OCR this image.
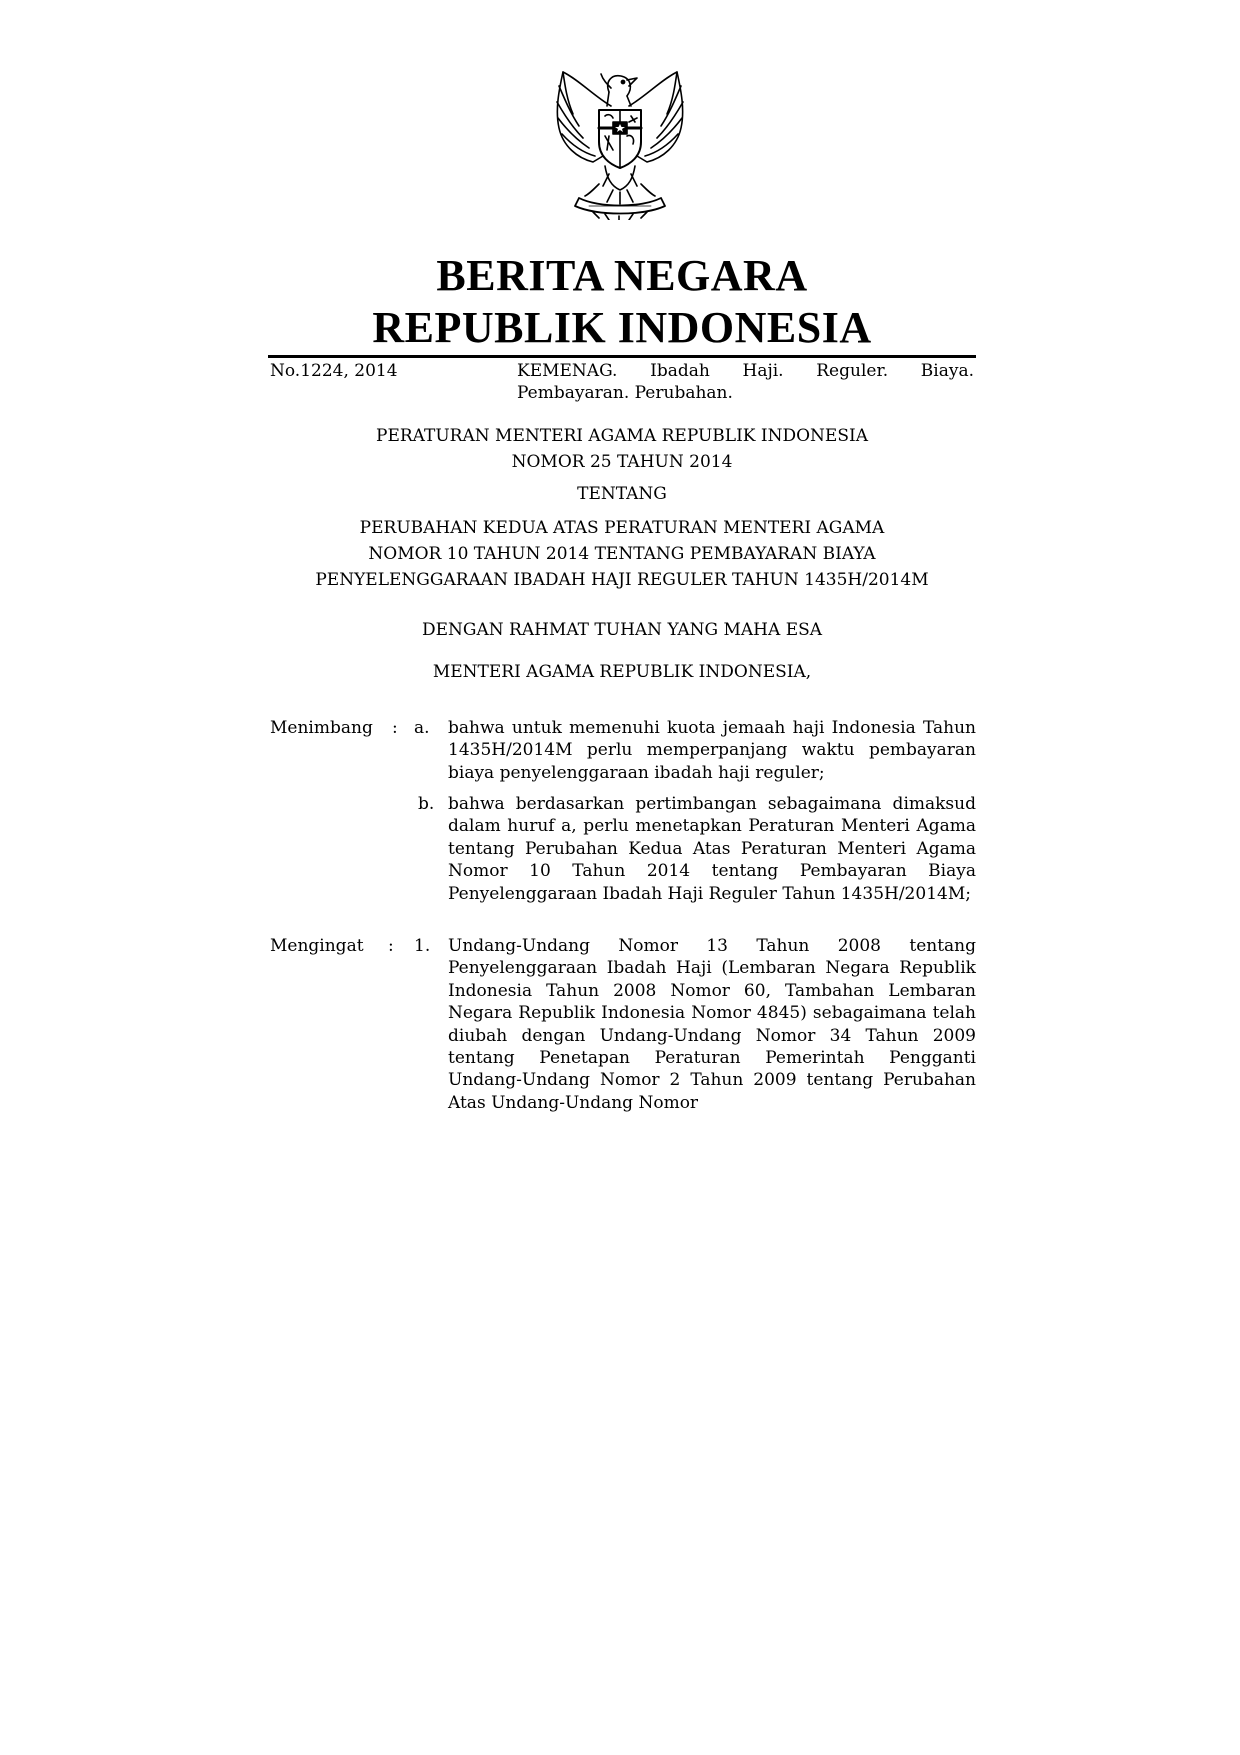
BERITA NEGARA
REPUBLIK INDONESIA
No.1224, 2014	KEMENAG. Ibadah Haji. Reguler. Biaya.
Pembayaran. Perubahan.
PERATURAN MENTERI AGAMA REPUBLIK INDONESIA
NOMOR 25 TAHUN 2014
TENTANG
PERUBAHAN KEDUA ATAS PERATURAN MENTERI AGAMA
NOMOR 10 TAHUN 2014 TENTANG PEMBAYARAN BIAYA
PENYELENGGARAAN IBADAH HAJI REGULER TAHUN 1435H/2014M
DENGAN RAHMAT TUHAN YANG MAHA ESA
MENTERI AGAMA REPUBLIK INDONESIA,
Menimbang : a. bahwa untuk memenuhi kuota jemaah haji Indonesia Tahun 1435H/2014M perlu memperpanjang waktu pembayaran biaya penyelenggaraan ibadah haji reguler;
b. bahwa berdasarkan pertimbangan sebagaimana dimaksud dalam huruf a, perlu menetapkan Peraturan Menteri Agama tentang Perubahan Kedua Atas Peraturan Menteri Agama Nomor 10 Tahun 2014 tentang Pembayaran Biaya Penyelenggaraan Ibadah Haji Reguler Tahun 1435H/2014M;
Mengingat : 1. Undang-Undang Nomor 13 Tahun 2008 tentang Penyelenggaraan Ibadah Haji (Lembaran Negara Republik Indonesia Tahun 2008 Nomor 60, Tambahan Lembaran Negara Republik Indonesia Nomor 4845) sebagaimana telah diubah dengan Undang-Undang Nomor 34 Tahun 2009 tentang Penetapan Peraturan Pemerintah Pengganti Undang-Undang Nomor 2 Tahun 2009 tentang Perubahan Atas Undang-Undang Nomor
